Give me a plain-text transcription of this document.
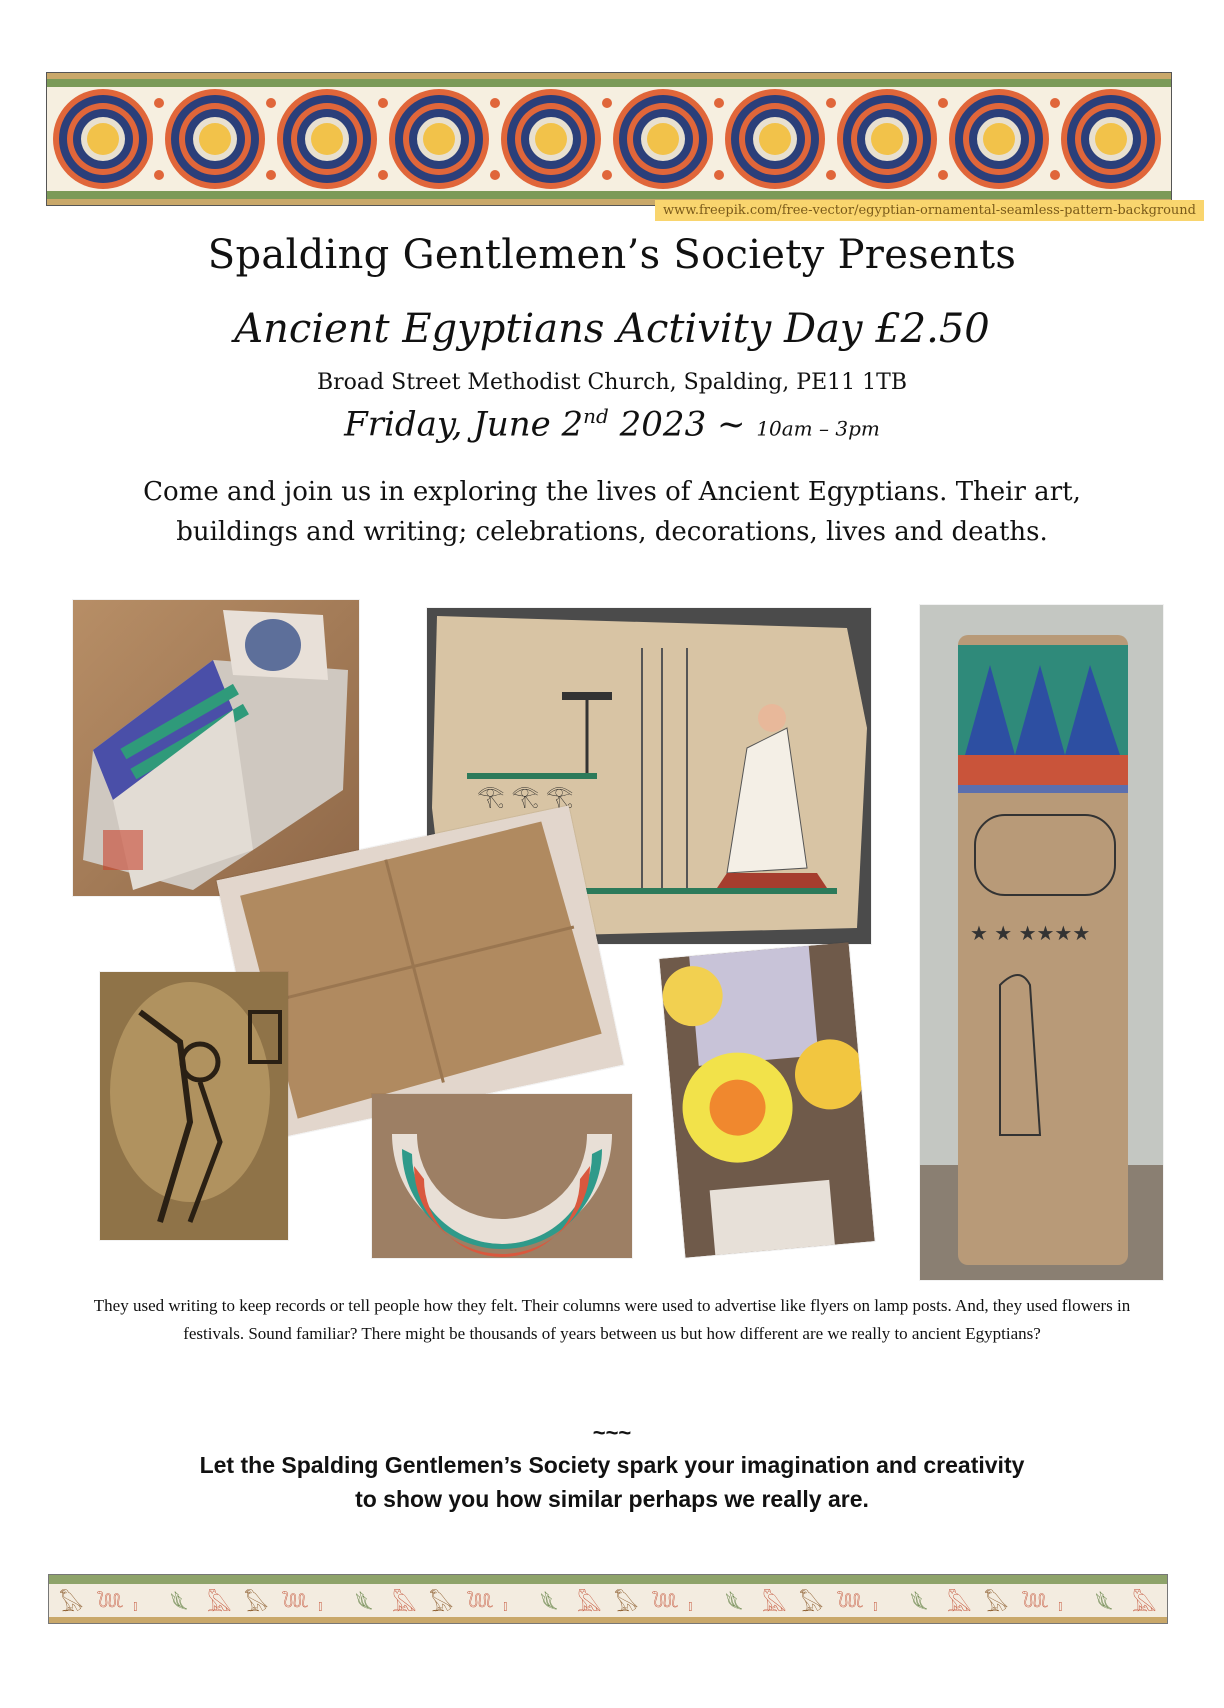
www.freepik.com/free-vector/egyptian-ornamental-seamless-pattern-background
Spalding Gentlemen’s Society Presents
Ancient Egyptians Activity Day £2.50
Broad Street Methodist Church, Spalding, PE11 1TB
Friday, June 2nd 2023 ~ 10am – 3pm
Come and join us in exploring the lives of Ancient Egyptians. Their art, buildings and writing; celebrations, decorations, lives and deaths.
𓂀 𓂀 𓂀
★ ★ ★★★★
They used writing to keep records or tell people how they felt. Their columns were used to advertise like flyers on lamp posts. And, they used flowers in festivals. Sound familiar? There might be thousands of years between us but how different are we really to ancient Egyptians?
~~~
Let the Spalding Gentlemen’s Society spark your imagination and creativity
to show you how similar perhaps we really are.
𓅃 𓆙 𓏤 𓆰 𓅓 𓅃 𓆙 𓏤 𓆰 𓅓 𓅃 𓆙 𓏤 𓆰 𓅓 𓅃 𓆙 𓏤 𓆰 𓅓 𓅃 𓆙 𓏤 𓆰 𓅓 𓅃 𓆙 𓏤 𓆰 𓅓
